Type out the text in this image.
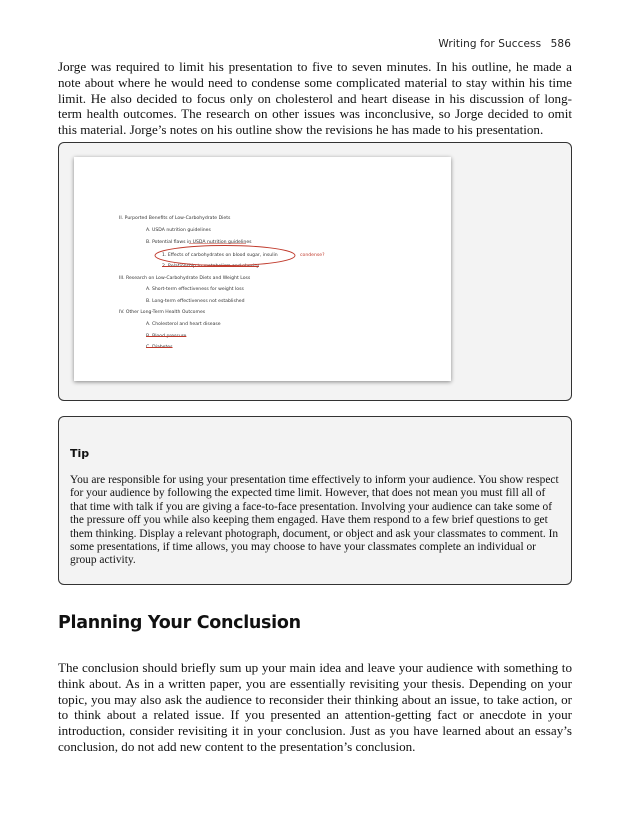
Writing for Success 586

Jorge was required to limit his presentation to five to seven minutes. In his outline, he made a note about where he would need to condense some complicated material to stay within his time limit. He also decided to focus only on cholesterol and heart disease in his discussion of long-term health outcomes. The research on other issues was inconclusive, so Jorge decided to omit this material. Jorge’s notes on his outline show the revisions he has made to his presentation.

II. Purported Benefits of Low-Carbohydrate Diets
A. USDA nutrition guidelines
B. Potential flaws in USDA nutrition guidelines
1. Effects of carbohydrates on blood sugar, insulin
2. Relationship to metabolism and obesity
III. Research on Low-Carbohydrate Diets and Weight Loss
A. Short-term effectiveness for weight loss
B. Long-term effectiveness not established
IV. Other Long-Term Health Outcomes
A. Cholesterol and heart disease
B. Blood pressure
C. Diabetes
condense?
Tip

You are responsible for using your presentation time effectively to inform your audience. You show respect for your audience by following the expected time limit. However, that does not mean you must fill all of that time with talk if you are giving a face-to-face presentation. Involving your audience can take some of the pressure off you while also keeping them engaged. Have them respond to a few brief questions to get them thinking. Display a relevant photograph, document, or object and ask your classmates to comment. In some presentations, if time allows, you may choose to have your classmates complete an individual or group activity.

Planning Your Conclusion

The conclusion should briefly sum up your main idea and leave your audience with something to think about. As in a written paper, you are essentially revisiting your thesis. Depending on your topic, you may also ask the audience to reconsider their thinking about an issue, to take action, or to think about a related issue. If you presented an attention-getting fact or anecdote in your introduction, consider revisiting it in your conclusion. Just as you have learned about an essay’s conclusion, do not add new content to the presentation’s conclusion.
